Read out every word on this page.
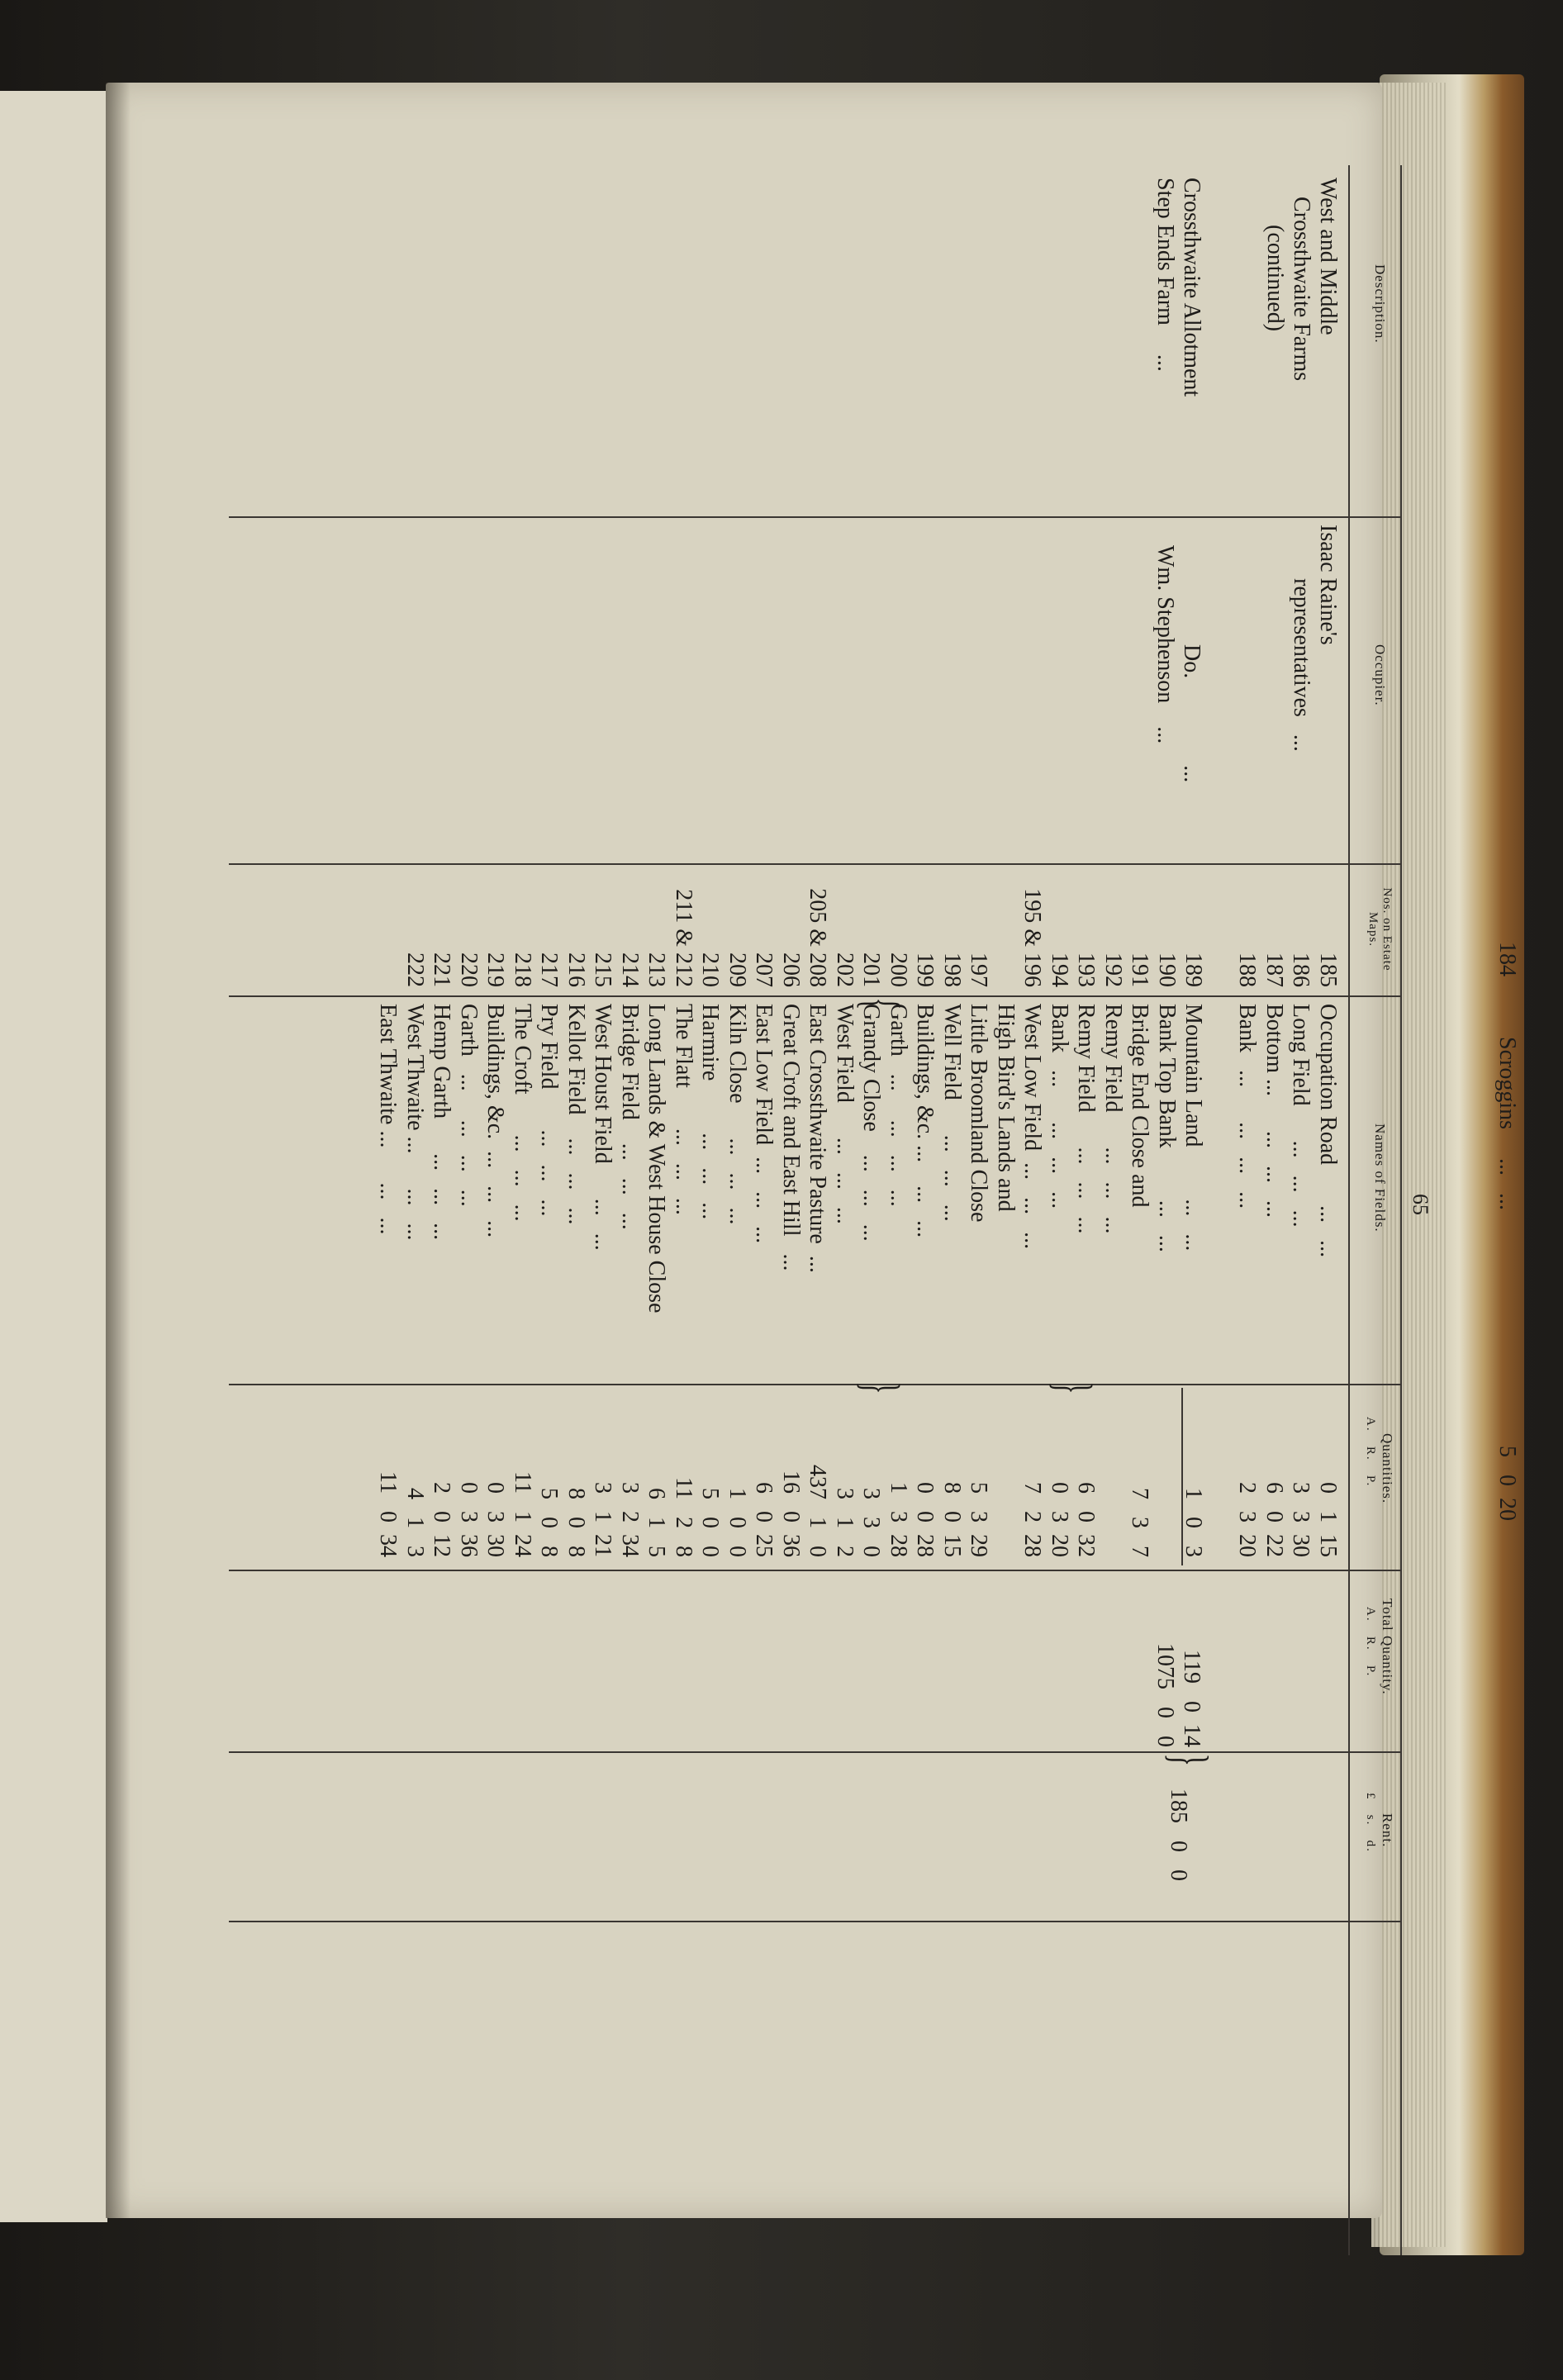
184
Scroggins     ...   ...
5   0  20
65
Description.
Occupier.
Nos. on Estate Maps.
Names of Fields.
Quantities.
A.   R.   P.
Total Quantity.
A.   R.   P.
Rent.
£   s.   d.
West and Middle
Crossthwaite Farms
(continued)
Crossthwaite Allotment
Step Ends Farm     ...
Isaac Raine's
representatives   ...
Do.               ...
Wm. Stephenson    ...
185
186
187
188
189
190
191
192
193
194
195 & 196
197
198
199
200
201
202
205 & 208
206
207
209
210
211 & 212
213
214
215
216
217
218
219
220
221
222
Occupation Road       ...   ...
Long Field      ...   ...   ...
Bottom ...      ...   ...   ...
Bank   ...      ...   ...   ...
Mountain Land         ...   ...
Bank Top Bank         ...   ...
Bridge End Close and
Remy Field      ...   ...   ...
Remy Field      ...   ...   ...
Bank   ...      ...   ...   ...
West Low Field  ...   ...   ...
High Bird's Lands and
Little Broomland Close
Well Field      ...   ...   ...
Buildings, &c. ...    ...   ...
Garth   ...     ...   ...   ...
Grandy Close    ...   ...   ...
West Field      ...   ...   ...
East Crossthwaite Pasture  ...
Great Croft and East Hill   ...
East Low Field  ...   ...   ...
Kiln Close      ...   ...   ...
Harmire         ...   ...   ...
The Flatt       ...   ...   ...
Long Lands & West House Close
Bridge Field    ...   ...   ...
West Houst Field      ...   ...
Kellot Field    ...   ...   ...
Pry Field       ...   ...   ...
The Croft       ...   ...   ...
Buildings, &c.  ...   ...   ...
Garth   ...     ...   ...   ...
Hemp Garth      ...   ...   ...
West Thwaite ...      ...   ...
East Thwaite ...      ...   ...
0   1  15
3   3  30
6   0  22
2   3  20
1   0   3
7   3   7
6   0  32
0   3  20
7   2  28
5   3  29
8   0  15
0   0  28
1   3  28
3   3   0
3   1   2
437   1   0
16   0  36
6   0  25
1   0   0
5   0   0
11   2   8
6   1   5
3   2  34
3   1  21
8   0   8
5   0   8
11   1  24
0   3  30
0   3  36
2   0  12
4   1   3
11   0  34
}
}
{
}
119   0  14
1075   0   0
185   0   0
